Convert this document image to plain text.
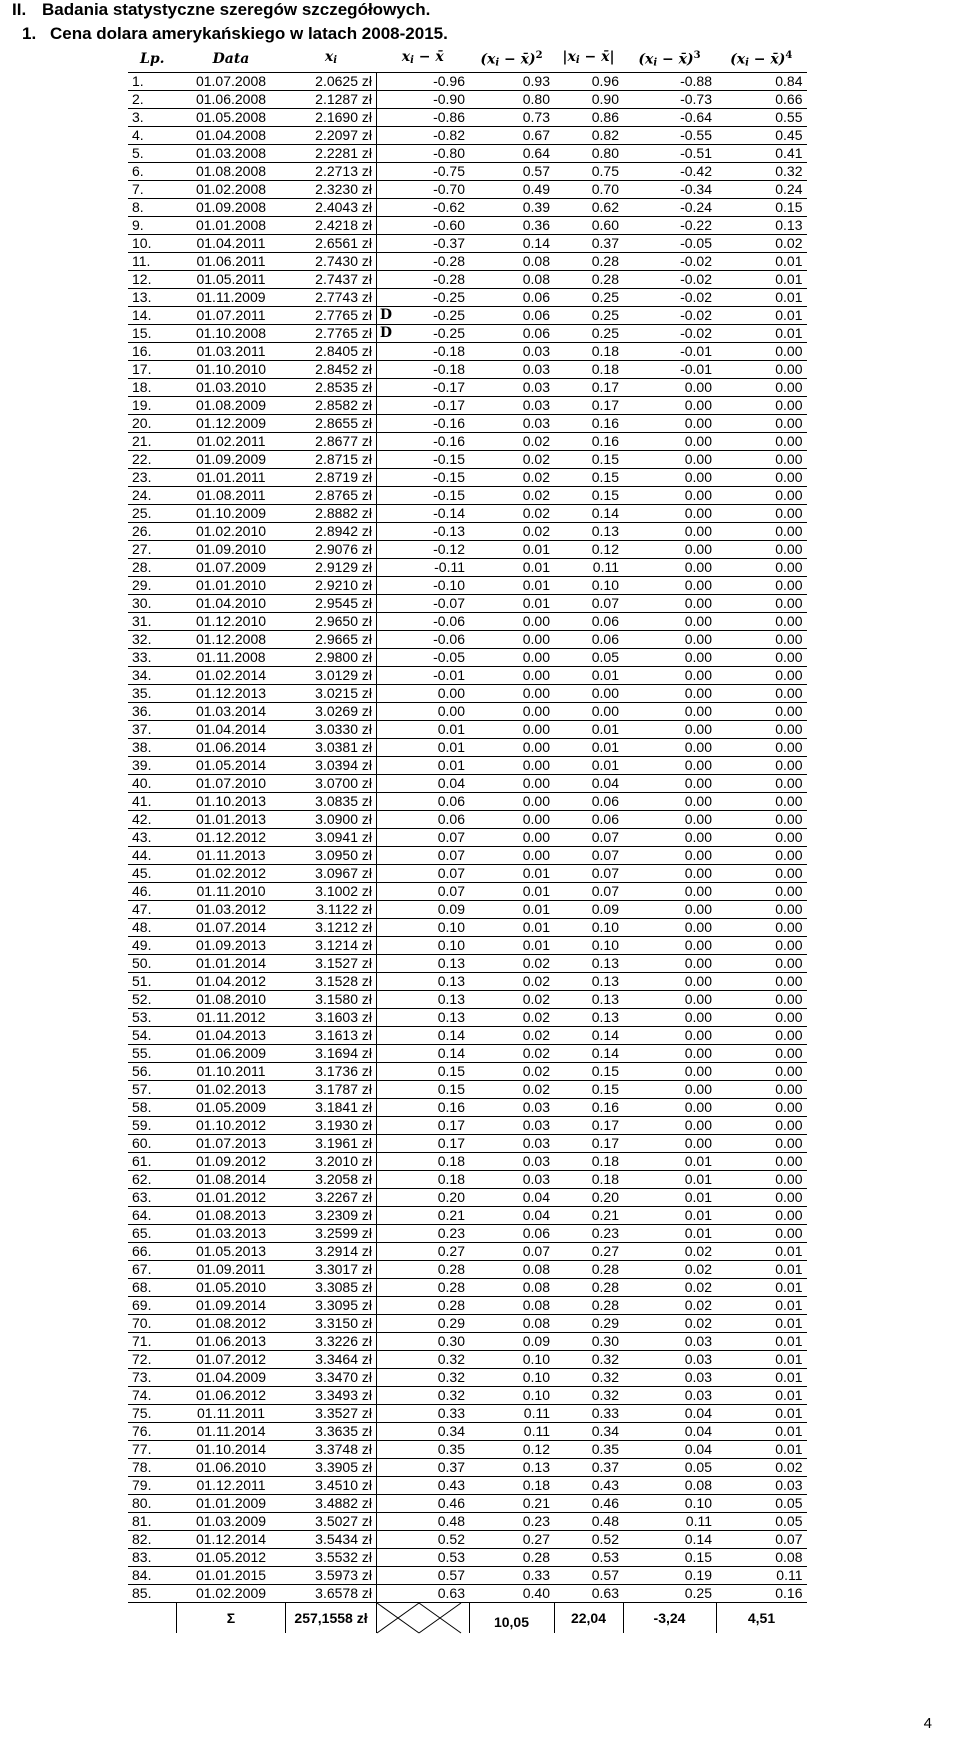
II. Badania statystyczne szeregów szczegółowych.
1. Cena dolara amerykańskiego w latach 2008-2015.
Lp.	Data	$x_i$	$x_i$ − x̄	($x_i$ − x̄)$^2$	$|x_i$ − x̄|	($x_i$ − x̄)$^3$	($x_i$ − x̄)$^4$
1.	01.07.2008	2.0625 zł	-0.96	0.93	0.96	-0.88	0.84
2.	01.06.2008	2.1287 zł	-0.90	0.80	0.90	-0.73	0.66
3.	01.05.2008	2.1690 zł	-0.86	0.73	0.86	-0.64	0.55
4.	01.04.2008	2.2097 zł	-0.82	0.67	0.82	-0.55	0.45
5.	01.03.2008	2.2281 zł	-0.80	0.64	0.80	-0.51	0.41
6.	01.08.2008	2.2713 zł	-0.75	0.57	0.75	-0.42	0.32
7.	01.02.2008	2.3230 zł	-0.70	0.49	0.70	-0.34	0.24
8.	01.09.2008	2.4043 zł	-0.62	0.39	0.62	-0.24	0.15
9.	01.01.2008	2.4218 zł	-0.60	0.36	0.60	-0.22	0.13
10.	01.04.2011	2.6561 zł	-0.37	0.14	0.37	-0.05	0.02
11.	01.06.2011	2.7430 zł	-0.28	0.08	0.28	-0.02	0.01
12.	01.05.2011	2.7437 zł	-0.28	0.08	0.28	-0.02	0.01
13.	01.11.2009	2.7743 zł	-0.25	0.06	0.25	-0.02	0.01
14.	01.07.2011	2.7765 zł D	-0.25	0.06	0.25	-0.02	0.01
15.	01.10.2008	2.7765 zł D	-0.25	0.06	0.25	-0.02	0.01
16.	01.03.2011	2.8405 zł	-0.18	0.03	0.18	-0.01	0.00
17.	01.10.2010	2.8452 zł	-0.18	0.03	0.18	-0.01	0.00
18.	01.03.2010	2.8535 zł	-0.17	0.03	0.17	0.00	0.00
19.	01.08.2009	2.8582 zł	-0.17	0.03	0.17	0.00	0.00
20.	01.12.2009	2.8655 zł	-0.16	0.03	0.16	0.00	0.00
21.	01.02.2011	2.8677 zł	-0.16	0.02	0.16	0.00	0.00
22.	01.09.2009	2.8715 zł	-0.15	0.02	0.15	0.00	0.00
23.	01.01.2011	2.8719 zł	-0.15	0.02	0.15	0.00	0.00
24.	01.08.2011	2.8765 zł	-0.15	0.02	0.15	0.00	0.00
25.	01.10.2009	2.8882 zł	-0.14	0.02	0.14	0.00	0.00
26.	01.02.2010	2.8942 zł	-0.13	0.02	0.13	0.00	0.00
27.	01.09.2010	2.9076 zł	-0.12	0.01	0.12	0.00	0.00
28.	01.07.2009	2.9129 zł	-0.11	0.01	0.11	0.00	0.00
29.	01.01.2010	2.9210 zł	-0.10	0.01	0.10	0.00	0.00
30.	01.04.2010	2.9545 zł	-0.07	0.01	0.07	0.00	0.00
31.	01.12.2010	2.9650 zł	-0.06	0.00	0.06	0.00	0.00
32.	01.12.2008	2.9665 zł	-0.06	0.00	0.06	0.00	0.00
33.	01.11.2008	2.9800 zł	-0.05	0.00	0.05	0.00	0.00
34.	01.02.2014	3.0129 zł	-0.01	0.00	0.01	0.00	0.00
35.	01.12.2013	3.0215 zł	0.00	0.00	0.00	0.00	0.00
36.	01.03.2014	3.0269 zł	0.00	0.00	0.00	0.00	0.00
37.	01.04.2014	3.0330 zł	0.01	0.00	0.01	0.00	0.00
38.	01.06.2014	3.0381 zł	0.01	0.00	0.01	0.00	0.00
39.	01.05.2014	3.0394 zł	0.01	0.00	0.01	0.00	0.00
40.	01.07.2010	3.0700 zł	0.04	0.00	0.04	0.00	0.00
41.	01.10.2013	3.0835 zł	0.06	0.00	0.06	0.00	0.00
42.	01.01.2013	3.0900 zł	0.06	0.00	0.06	0.00	0.00
43.	01.12.2012	3.0941 zł	0.07	0.00	0.07	0.00	0.00
44.	01.11.2013	3.0950 zł	0.07	0.00	0.07	0.00	0.00
45.	01.02.2012	3.0967 zł	0.07	0.01	0.07	0.00	0.00
46.	01.11.2010	3.1002 zł	0.07	0.01	0.07	0.00	0.00
47.	01.03.2012	3.1122 zł	0.09	0.01	0.09	0.00	0.00
48.	01.07.2014	3.1212 zł	0.10	0.01	0.10	0.00	0.00
49.	01.09.2013	3.1214 zł	0.10	0.01	0.10	0.00	0.00
50.	01.01.2014	3.1527 zł	0.13	0.02	0.13	0.00	0.00
51.	01.04.2012	3.1528 zł	0.13	0.02	0.13	0.00	0.00
52.	01.08.2010	3.1580 zł	0.13	0.02	0.13	0.00	0.00
53.	01.11.2012	3.1603 zł	0.13	0.02	0.13	0.00	0.00
54.	01.04.2013	3.1613 zł	0.14	0.02	0.14	0.00	0.00
55.	01.06.2009	3.1694 zł	0.14	0.02	0.14	0.00	0.00
56.	01.10.2011	3.1736 zł	0.15	0.02	0.15	0.00	0.00
57.	01.02.2013	3.1787 zł	0.15	0.02	0.15	0.00	0.00
58.	01.05.2009	3.1841 zł	0.16	0.03	0.16	0.00	0.00
59.	01.10.2012	3.1930 zł	0.17	0.03	0.17	0.00	0.00
60.	01.07.2013	3.1961 zł	0.17	0.03	0.17	0.00	0.00
61.	01.09.2012	3.2010 zł	0.18	0.03	0.18	0.01	0.00
62.	01.08.2014	3.2058 zł	0.18	0.03	0.18	0.01	0.00
63.	01.01.2012	3.2267 zł	0.20	0.04	0.20	0.01	0.00
64.	01.08.2013	3.2309 zł	0.21	0.04	0.21	0.01	0.00
65.	01.03.2013	3.2599 zł	0.23	0.06	0.23	0.01	0.00
66.	01.05.2013	3.2914 zł	0.27	0.07	0.27	0.02	0.01
67.	01.09.2011	3.3017 zł	0.28	0.08	0.28	0.02	0.01
68.	01.05.2010	3.3085 zł	0.28	0.08	0.28	0.02	0.01
69.	01.09.2014	3.3095 zł	0.28	0.08	0.28	0.02	0.01
70.	01.08.2012	3.3150 zł	0.29	0.08	0.29	0.02	0.01
71.	01.06.2013	3.3226 zł	0.30	0.09	0.30	0.03	0.01
72.	01.07.2012	3.3464 zł	0.32	0.10	0.32	0.03	0.01
73.	01.04.2009	3.3470 zł	0.32	0.10	0.32	0.03	0.01
74.	01.06.2012	3.3493 zł	0.32	0.10	0.32	0.03	0.01
75.	01.11.2011	3.3527 zł	0.33	0.11	0.33	0.04	0.01
76.	01.11.2014	3.3635 zł	0.34	0.11	0.34	0.04	0.01
77.	01.10.2014	3.3748 zł	0.35	0.12	0.35	0.04	0.01
78.	01.06.2010	3.3905 zł	0.37	0.13	0.37	0.05	0.02
79.	01.12.2011	3.4510 zł	0.43	0.18	0.43	0.08	0.03
80.	01.01.2009	3.4882 zł	0.46	0.21	0.46	0.10	0.05
81.	01.03.2009	3.5027 zł	0.48	0.23	0.48	0.11	0.05
82.	01.12.2014	3.5434 zł	0.52	0.27	0.52	0.14	0.07
83.	01.05.2012	3.5532 zł	0.53	0.28	0.53	0.15	0.08
84.	01.01.2015	3.5973 zł	0.57	0.33	0.57	0.19	0.11
85.	01.02.2009	3.6578 zł	0.63	0.40	0.63	0.25	0.16
	Σ	257,1558 zł		10,05	22,04	-3,24	4,51
4
